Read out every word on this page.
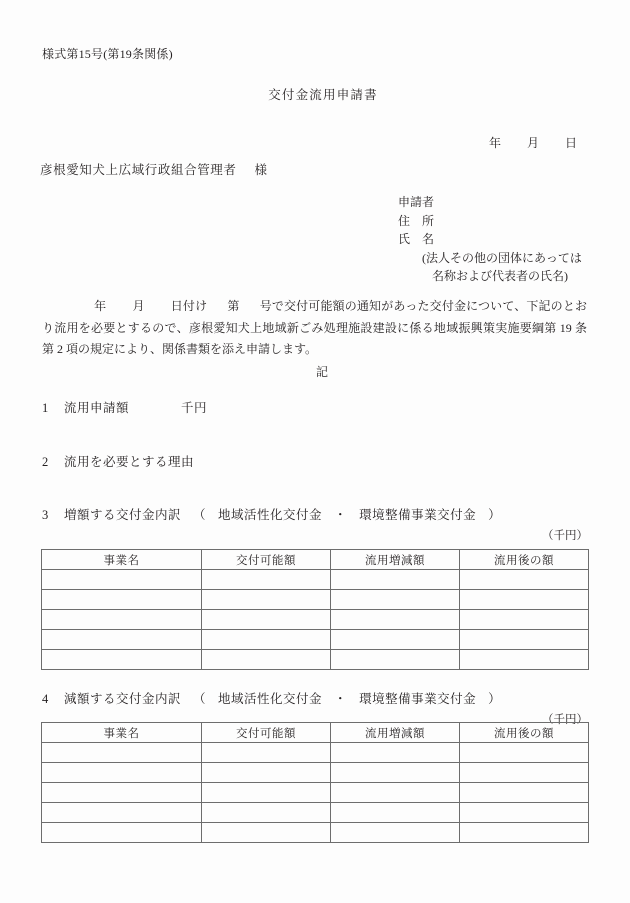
様式第15号(第19条関係)
交付金流用申請書

年 月 日

彦根愛知犬上広域行政組合管理者 様
申請者
住　所
氏　名
(法人その他の団体にあっては
名称および代表者の氏名)
年 月 日付け 第 号で交付可能額の通知があった交付金について、下記のとおり流用を必要とするので、彦根愛知犬上地域新ごみ処理施設建設に係る地域振興策実施要綱第 19 条第 2 項の規定により、関係書類を添え申請します。
記
1 流用申請額	千円
2 流用を必要とする理由
3 増額する交付金内訳 （ 地域活性化交付金 ・ 環境整備事業交付金 ）
（千円）
事業名	交付可能額	流用増減額	流用後の額

4 減額する交付金内訳 （ 地域活性化交付金 ・ 環境整備事業交付金 ）
（千円）
事業名	交付可能額	流用増減額	流用後の額
